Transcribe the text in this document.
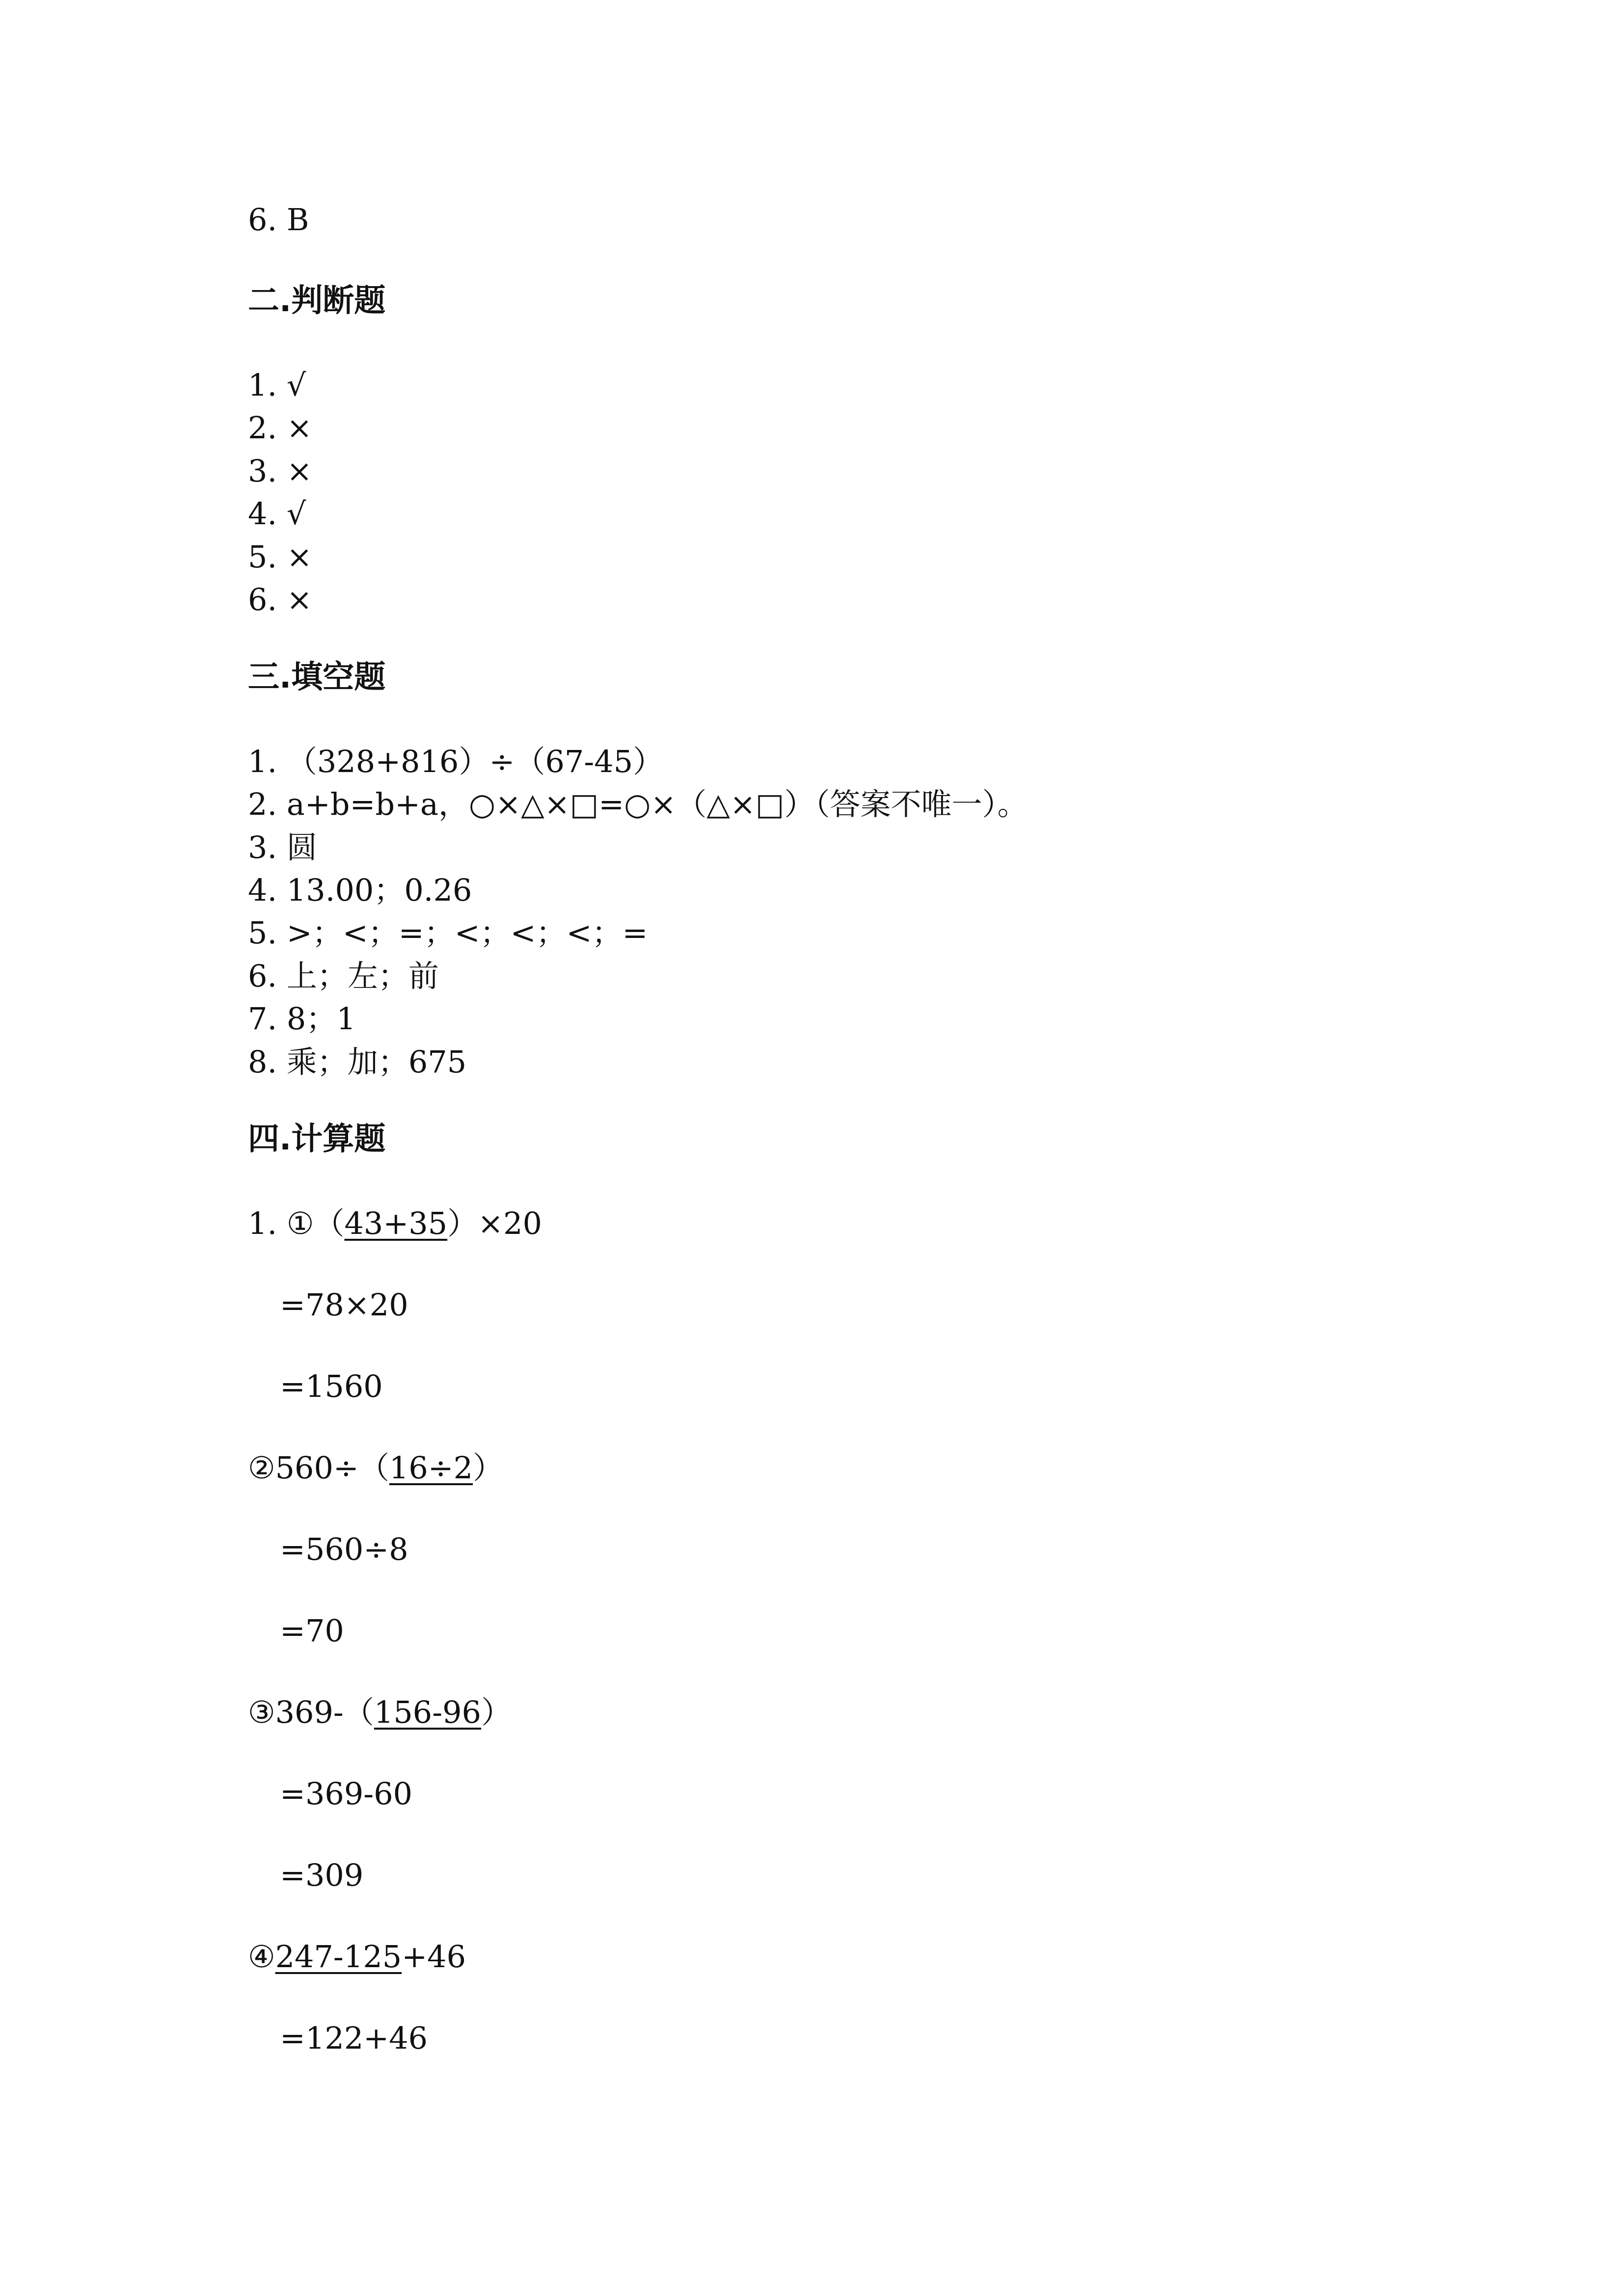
6. B
二.判断题
1. √
2. ×
3. ×
4. √
5. ×
6. ×
三.填空题
1. （328+816）÷（67-45）
2. a+b=b+a，○×△×□=○×（△×□）（答案不唯一）。
3. 圆
4. 13.00；0.26
5. >；<；=；<；<；<；=
6. 上；左；前
7. 8；1
8. 乘；加；675
四.计算题
1. ①（43+35）×20
=78×20
=1560
②560÷（16÷2）
=560÷8
=70
③369-（156-96）
=369-60
=309
④247-125+46
=122+46
